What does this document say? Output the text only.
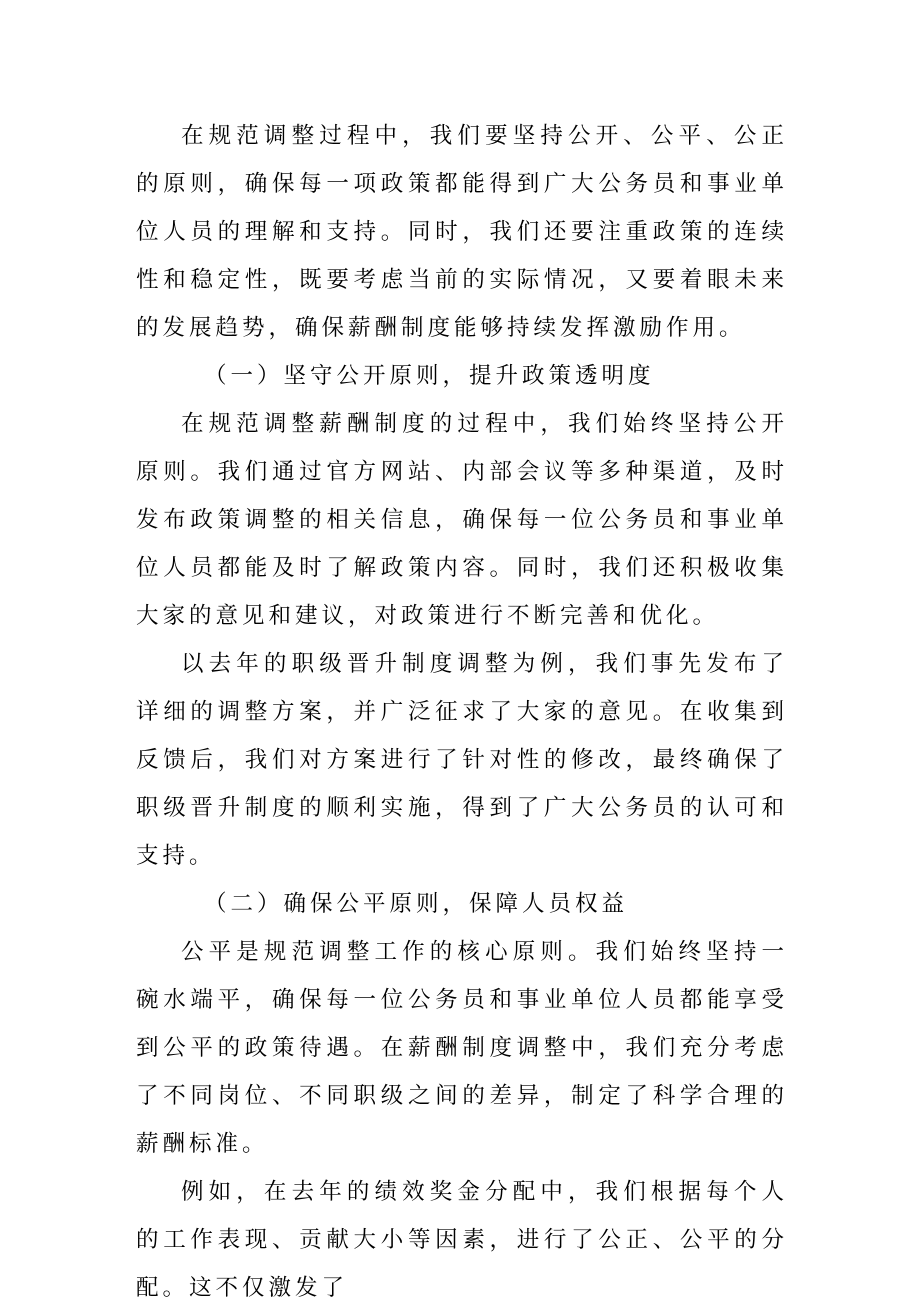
在规范调整过程中，我们要坚持公开、公平、公正的原则，确保每一项政策都能得到广大公务员和事业单位人员的理解和支持。同时，我们还要注重政策的连续性和稳定性，既要考虑当前的实际情况，又要着眼未来的发展趋势，确保薪酬制度能够持续发挥激励作用。

（一）坚守公开原则，提升政策透明度

在规范调整薪酬制度的过程中，我们始终坚持公开原则。我们通过官方网站、内部会议等多种渠道，及时发布政策调整的相关信息，确保每一位公务员和事业单位人员都能及时了解政策内容。同时，我们还积极收集大家的意见和建议，对政策进行不断完善和优化。

以去年的职级晋升制度调整为例，我们事先发布了详细的调整方案，并广泛征求了大家的意见。在收集到反馈后，我们对方案进行了针对性的修改，最终确保了职级晋升制度的顺利实施，得到了广大公务员的认可和支持。

（二）确保公平原则，保障人员权益

公平是规范调整工作的核心原则。我们始终坚持一碗水端平，确保每一位公务员和事业单位人员都能享受到公平的政策待遇。在薪酬制度调整中，我们充分考虑了不同岗位、不同职级之间的差异，制定了科学合理的薪酬标准。

例如，在去年的绩效奖金分配中，我们根据每个人的工作表现、贡献大小等因素，进行了公正、公平的分配。这不仅激发了
